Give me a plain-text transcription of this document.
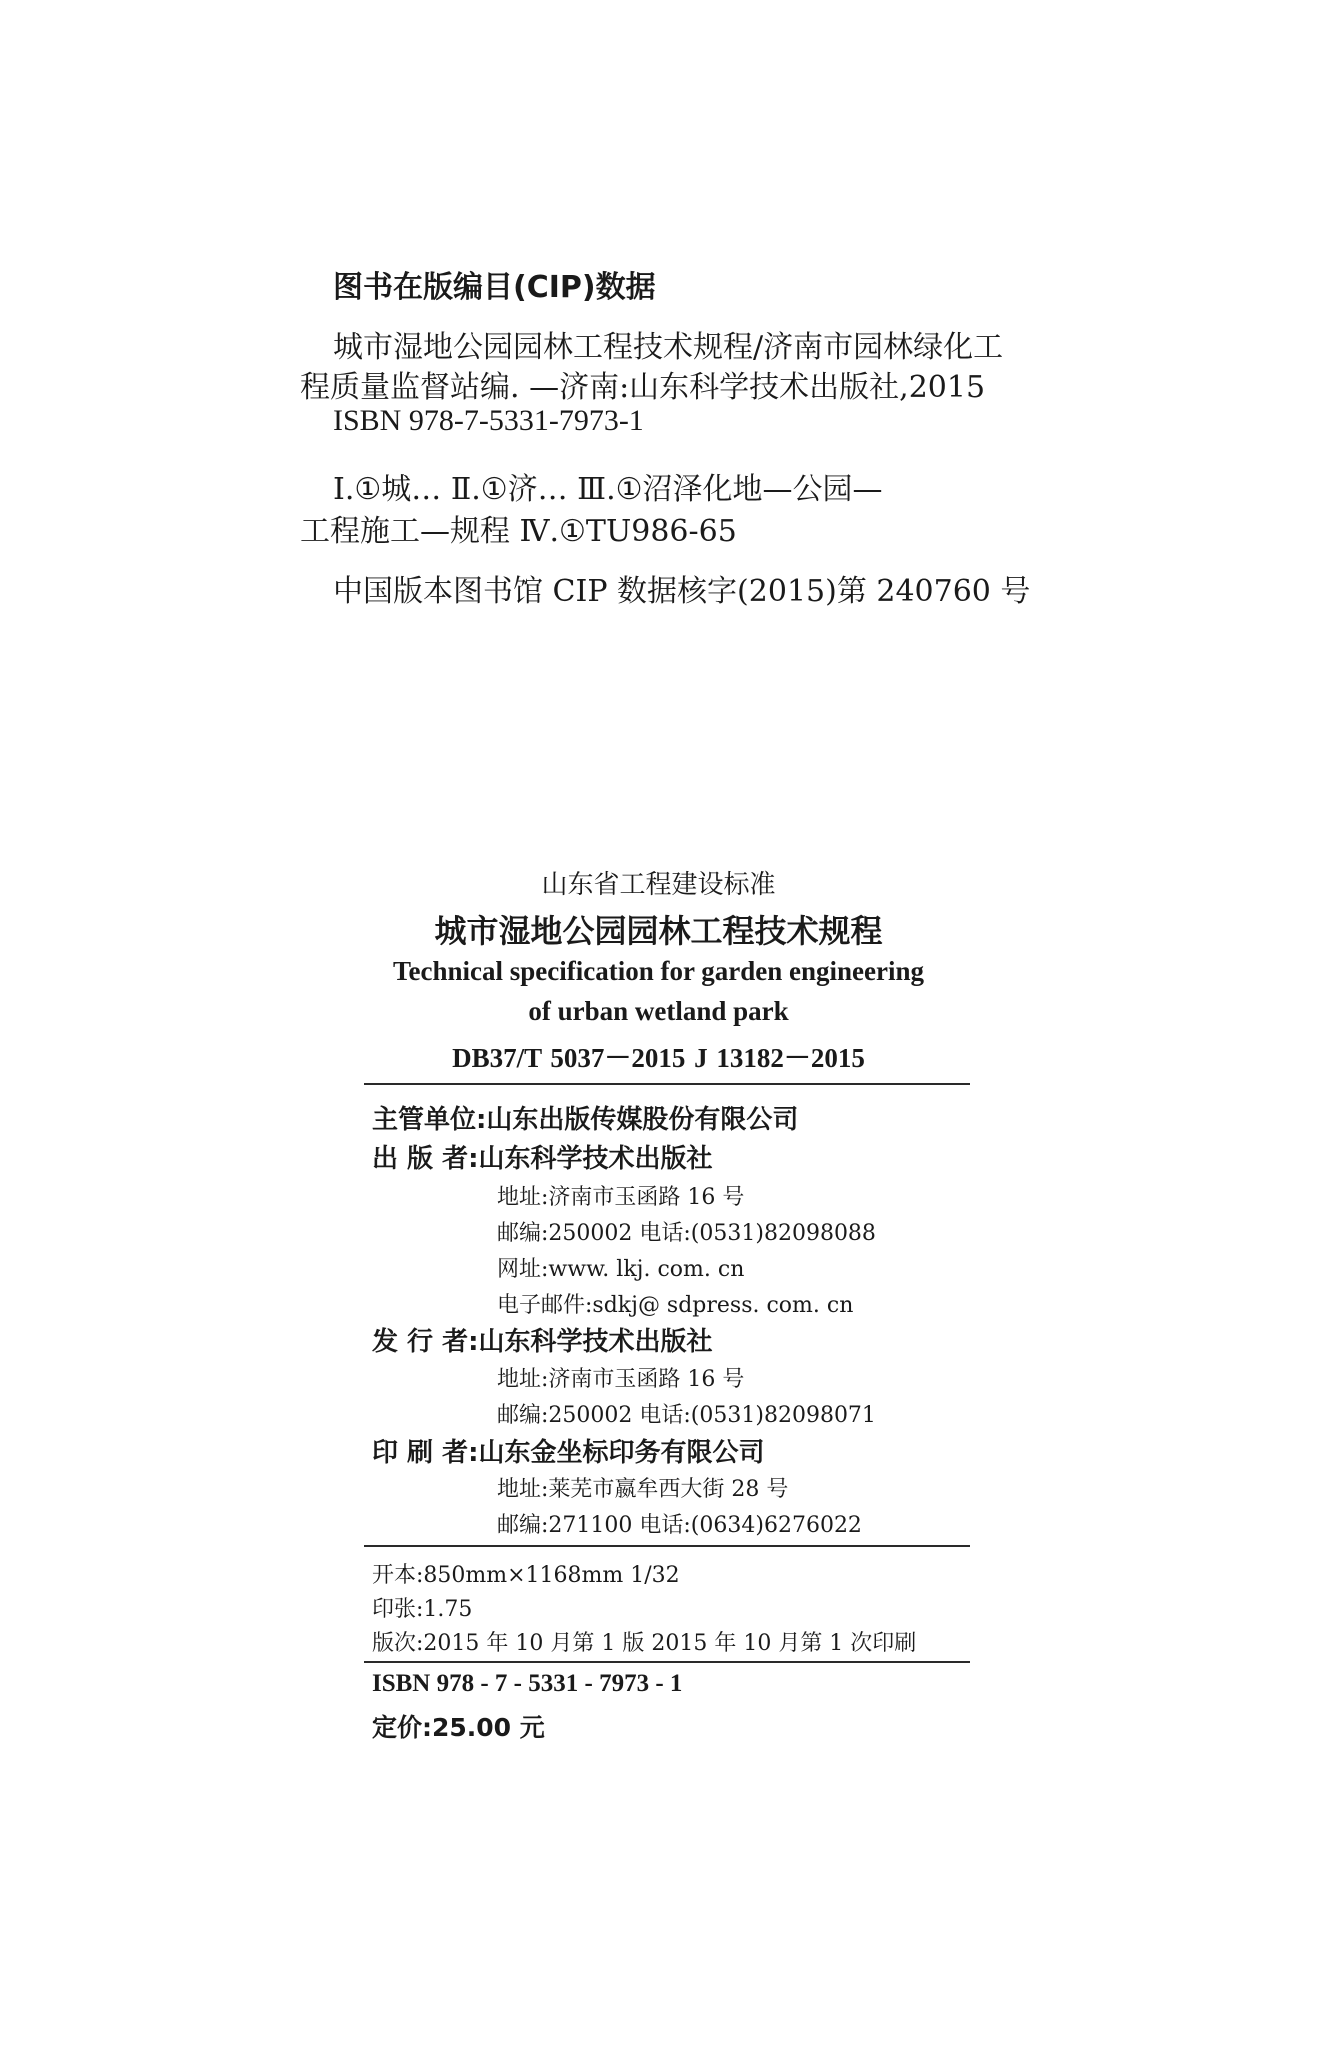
图书在版编目(CIP)数据
城市湿地公园园林工程技术规程/济南市园林绿化工
程质量监督站编. —济南:山东科学技术出版社,2015
ISBN 978-7-5331-7973-1
Ⅰ.①城… Ⅱ.①济… Ⅲ.①沼泽化地—公园—
工程施工—规程 Ⅳ.①TU986-65
中国版本图书馆 CIP 数据核字(2015)第 240760 号
山东省工程建设标准
城市湿地公园园林工程技术规程
Technical specification for garden engineering
of urban wetland park
DB37/T 5037－2015 J 13182－2015
主管单位:山东出版传媒股份有限公司
出 版 者:山东科学技术出版社
地址:济南市玉函路 16 号
邮编:250002 电话:(0531)82098088
网址:www. lkj. com. cn
电子邮件:sdkj@ sdpress. com. cn
发 行 者:山东科学技术出版社
地址:济南市玉函路 16 号
邮编:250002 电话:(0531)82098071
印 刷 者:山东金坐标印务有限公司
地址:莱芜市嬴牟西大街 28 号
邮编:271100 电话:(0634)6276022
开本:850mm×1168mm 1/32
印张:1.75
版次:2015 年 10 月第 1 版 2015 年 10 月第 1 次印刷
ISBN 978 - 7 - 5331 - 7973 - 1
定价:25.00 元
